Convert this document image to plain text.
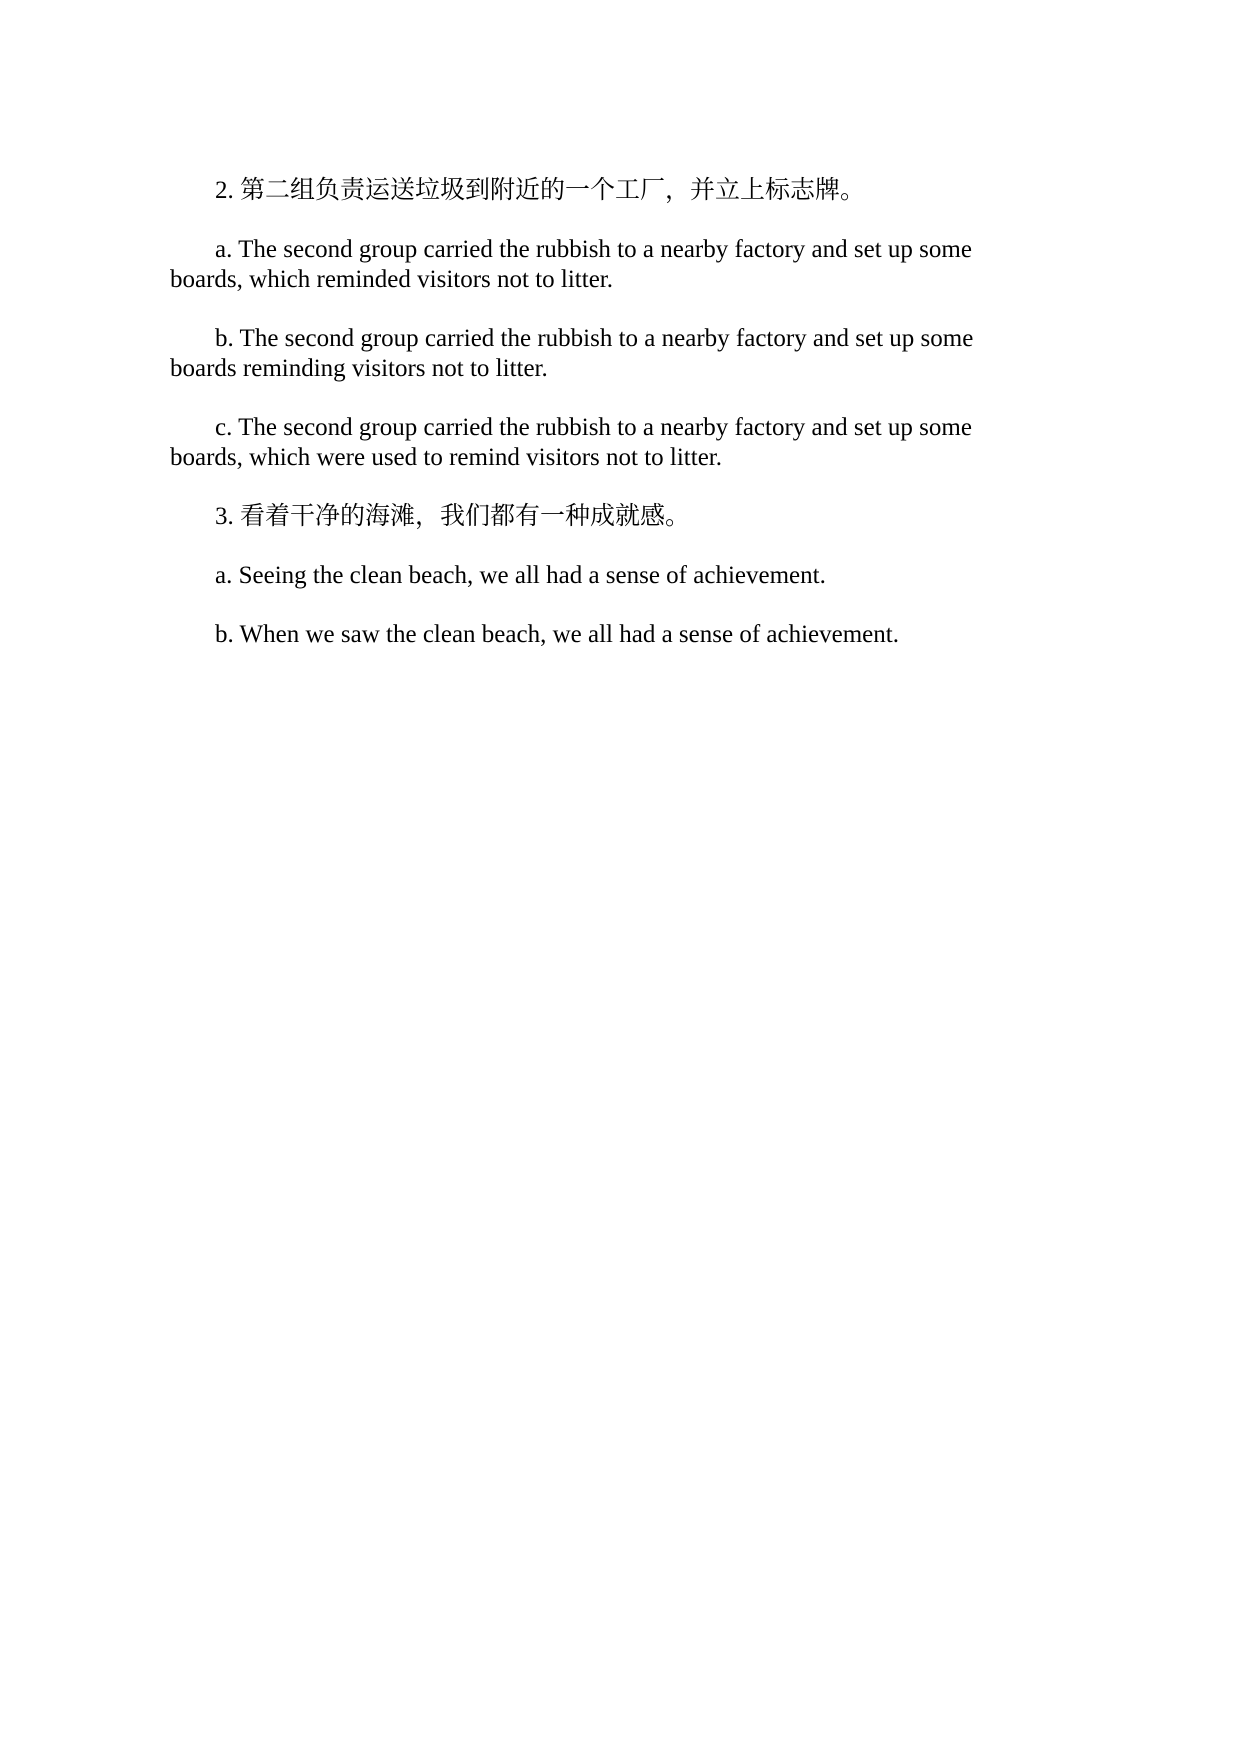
2. 第二组负责运送垃圾到附近的一个工厂，并立上标志牌。
a. The second group carried the rubbish to a nearby factory and set up some
boards, which reminded visitors not to litter.
b. The second group carried the rubbish to a nearby factory and set up some
boards reminding visitors not to litter.
c. The second group carried the rubbish to a nearby factory and set up some
boards, which were used to remind visitors not to litter.
3. 看着干净的海滩，我们都有一种成就感。
a. Seeing the clean beach, we all had a sense of achievement.
b. When we saw the clean beach, we all had a sense of achievement.
